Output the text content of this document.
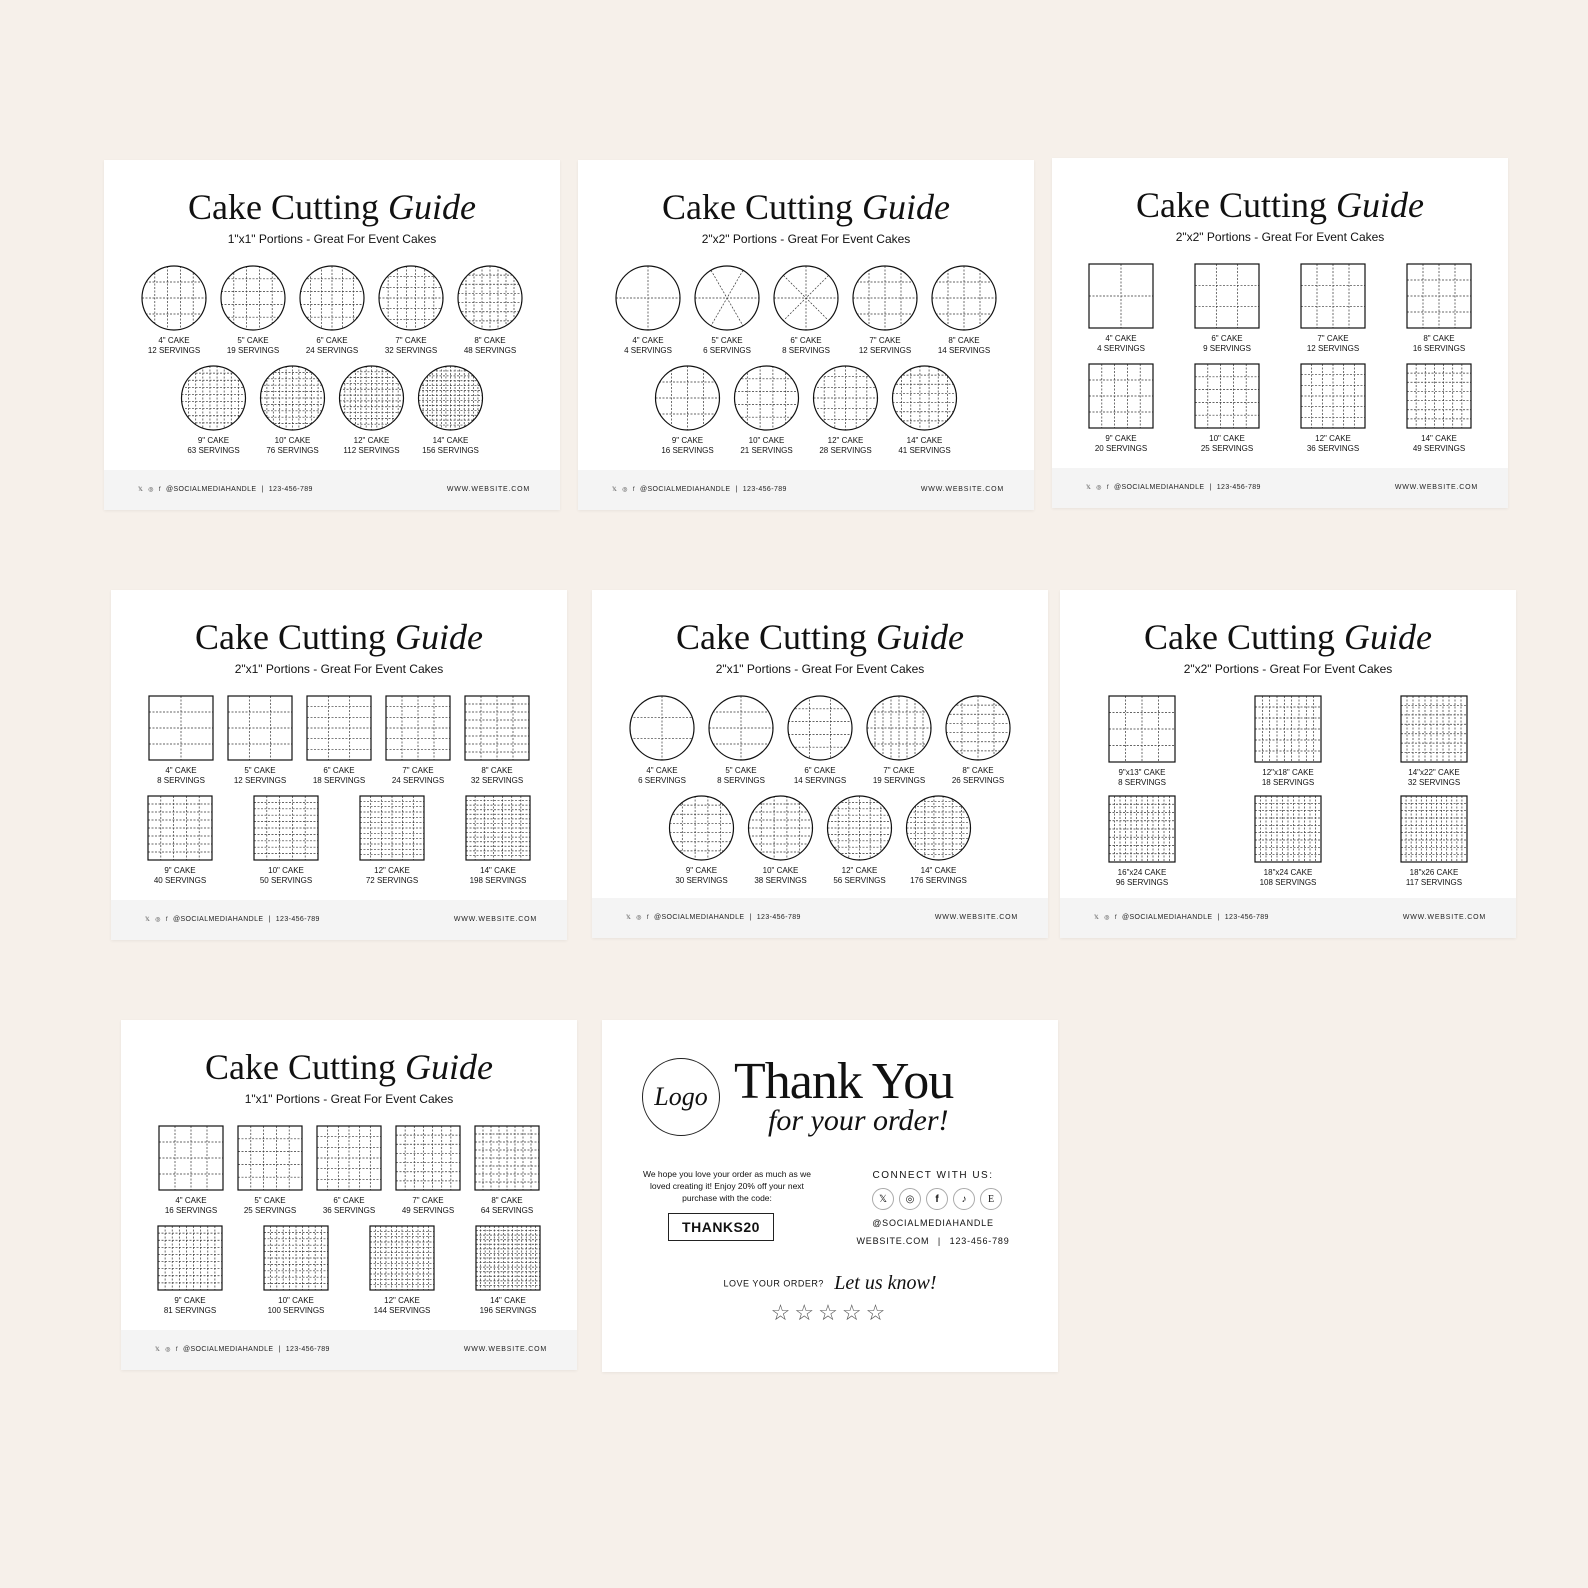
Cake Cutting Guide
1"x1" Portions - Great For Event Cakes
4" CAKE
12 SERVINGS
5" CAKE
19 SERVINGS
6" CAKE
24 SERVINGS
7" CAKE
32 SERVINGS
8" CAKE
48 SERVINGS
9" CAKE
63 SERVINGS
10" CAKE
76 SERVINGS
12" CAKE
112 SERVINGS
14" CAKE
156 SERVINGS
𝕏 ◎ f @SOCIALMEDIAHANDLE | 123-456-789	WWW.WEBSITE.COM
Cake Cutting Guide
2"x2" Portions - Great For Event Cakes
4" CAKE
4 SERVINGS
5" CAKE
6 SERVINGS
6" CAKE
8 SERVINGS
7" CAKE
12 SERVINGS
8" CAKE
14 SERVINGS
9" CAKE
16 SERVINGS
10" CAKE
21 SERVINGS
12" CAKE
28 SERVINGS
14" CAKE
41 SERVINGS
𝕏 ◎ f @SOCIALMEDIAHANDLE | 123-456-789	WWW.WEBSITE.COM
Cake Cutting Guide
2"x2" Portions - Great For Event Cakes
4" CAKE
4 SERVINGS
6" CAKE
9 SERVINGS
7" CAKE
12 SERVINGS
8" CAKE
16 SERVINGS
9" CAKE
20 SERVINGS
10" CAKE
25 SERVINGS
12" CAKE
36 SERVINGS
14" CAKE
49 SERVINGS
𝕏 ◎ f @SOCIALMEDIAHANDLE | 123-456-789	WWW.WEBSITE.COM
Cake Cutting Guide
2"x1" Portions - Great For Event Cakes
4" CAKE
8 SERVINGS
5" CAKE
12 SERVINGS
6" CAKE
18 SERVINGS
7" CAKE
24 SERVINGS
8" CAKE
32 SERVINGS
9" CAKE
40 SERVINGS
10" CAKE
50 SERVINGS
12" CAKE
72 SERVINGS
14" CAKE
198 SERVINGS
𝕏 ◎ f @SOCIALMEDIAHANDLE | 123-456-789	WWW.WEBSITE.COM
Cake Cutting Guide
2"x1" Portions - Great For Event Cakes
4" CAKE
6 SERVINGS
5" CAKE
8 SERVINGS
6" CAKE
14 SERVINGS
7" CAKE
19 SERVINGS
8" CAKE
26 SERVINGS
9" CAKE
30 SERVINGS
10" CAKE
38 SERVINGS
12" CAKE
56 SERVINGS
14" CAKE
176 SERVINGS
𝕏 ◎ f @SOCIALMEDIAHANDLE | 123-456-789	WWW.WEBSITE.COM
Cake Cutting Guide
2"x2" Portions - Great For Event Cakes
9"x13" CAKE
8 SERVINGS
12"x18" CAKE
18 SERVINGS
14"x22" CAKE
32 SERVINGS
16"x24 CAKE
96 SERVINGS
18"x24 CAKE
108 SERVINGS
18"x26 CAKE
117 SERVINGS
𝕏 ◎ f @SOCIALMEDIAHANDLE | 123-456-789	WWW.WEBSITE.COM
Cake Cutting Guide
1"x1" Portions - Great For Event Cakes
4" CAKE
16 SERVINGS
5" CAKE
25 SERVINGS
6" CAKE
36 SERVINGS
7" CAKE
49 SERVINGS
8" CAKE
64 SERVINGS
9" CAKE
81 SERVINGS
10" CAKE
100 SERVINGS
12" CAKE
144 SERVINGS
14" CAKE
196 SERVINGS
𝕏 ◎ f @SOCIALMEDIAHANDLE | 123-456-789	WWW.WEBSITE.COM
Logo Thank You
for your order!
We hope you love your order as much as we loved creating it! Enjoy 20% off your next purchase with the code:
THANKS20
CONNECT WITH US:
𝕏	◎	f	♪	E
@SOCIALMEDIAHANDLE
WEBSITE.COM  |  123-456-789
LOVE YOUR ORDER? Let us know!
☆☆☆☆☆
